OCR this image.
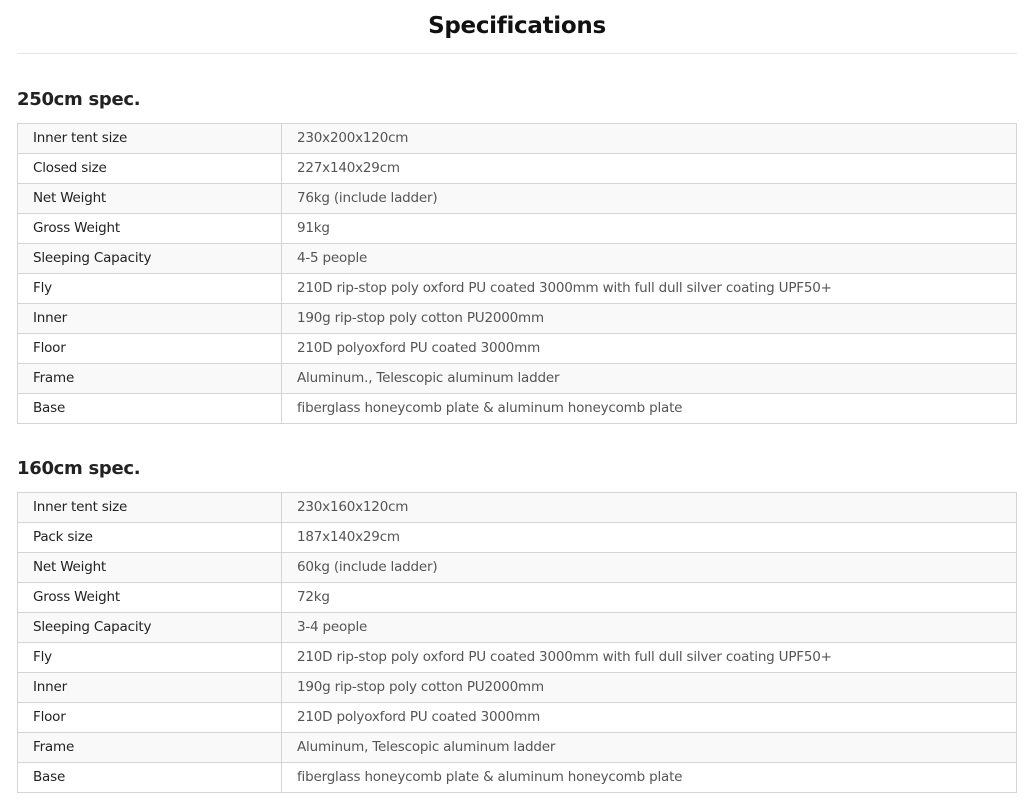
Specifications
250cm spec.
Inner tent size	230x200x120cm
Closed size	227x140x29cm
Net Weight	76kg (include ladder)
Gross Weight	91kg
Sleeping Capacity	4-5 people
Fly	210D rip-stop poly oxford PU coated 3000mm with full dull silver coating UPF50+
Inner	190g rip-stop poly cotton PU2000mm
Floor	210D polyoxford PU coated 3000mm
Frame	Aluminum., Telescopic aluminum ladder
Base	fiberglass honeycomb plate & aluminum honeycomb plate
160cm spec.
Inner tent size	230x160x120cm
Pack size	187x140x29cm
Net Weight	60kg (include ladder)
Gross Weight	72kg
Sleeping Capacity	3-4 people
Fly	210D rip-stop poly oxford PU coated 3000mm with full dull silver coating UPF50+
Inner	190g rip-stop poly cotton PU2000mm
Floor	210D polyoxford PU coated 3000mm
Frame	Aluminum, Telescopic aluminum ladder
Base	fiberglass honeycomb plate & aluminum honeycomb plate
